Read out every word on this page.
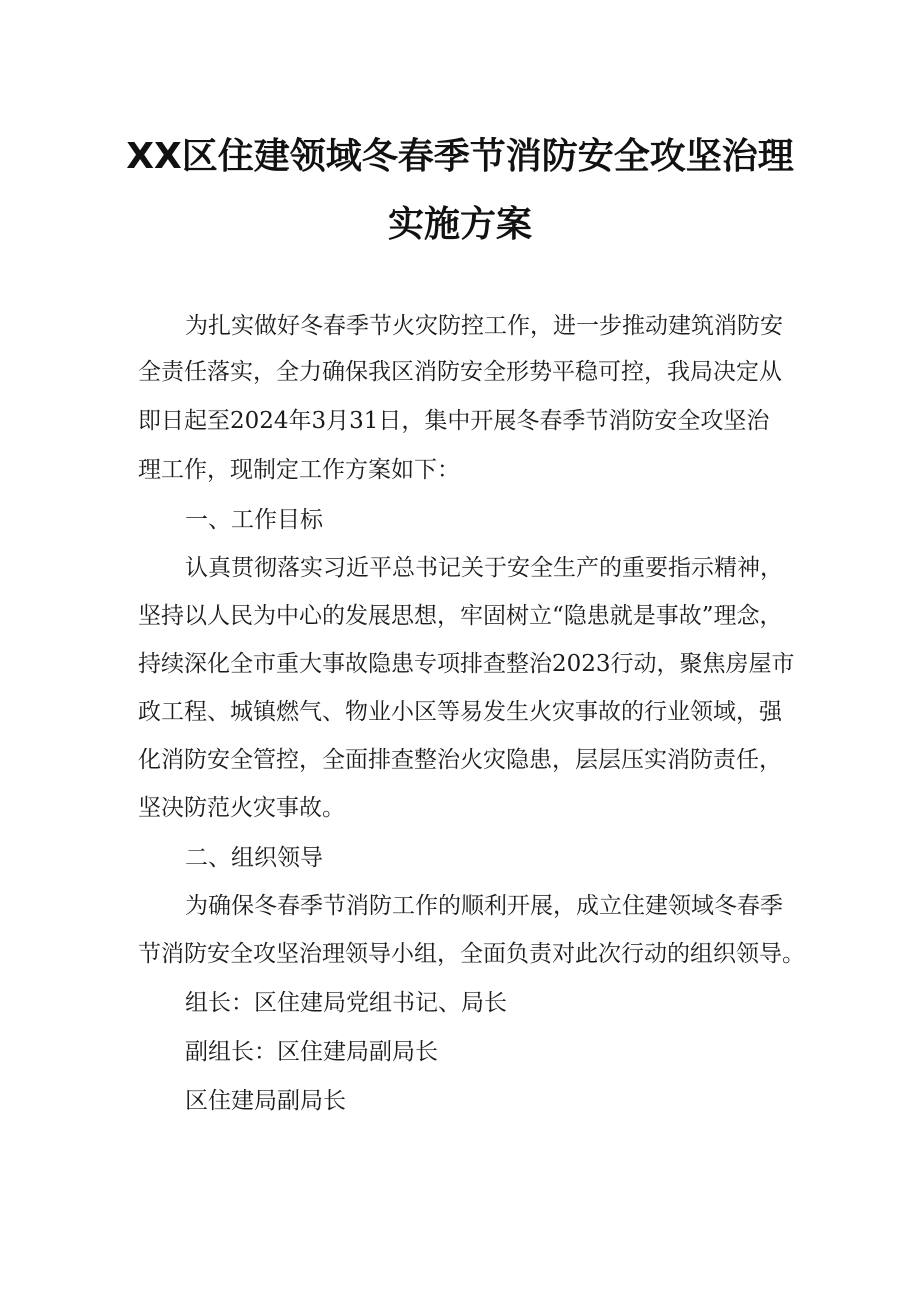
XX区住建领域冬春季节消防安全攻坚治理
实施方案
为扎实做好冬春季节火灾防控工作，进一步推动建筑消防安
全责任落实，全力确保我区消防安全形势平稳可控，我局决定从
即日起至2024年3月31日，集中开展冬春季节消防安全攻坚治
理工作，现制定工作方案如下：
一、工作目标
认真贯彻落实习近平总书记关于安全生产的重要指示精神，
坚持以人民为中心的发展思想，牢固树立“隐患就是事故”理念，
持续深化全市重大事故隐患专项排查整治2023行动，聚焦房屋市
政工程、城镇燃气、物业小区等易发生火灾事故的行业领域，强
化消防安全管控，全面排查整治火灾隐患，层层压实消防责任，
坚决防范火灾事故。
二、组织领导
为确保冬春季节消防工作的顺利开展，成立住建领域冬春季
节消防安全攻坚治理领导小组，全面负责对此次行动的组织领导。
组长：区住建局党组书记、局长
副组长：区住建局副局长
区住建局副局长
